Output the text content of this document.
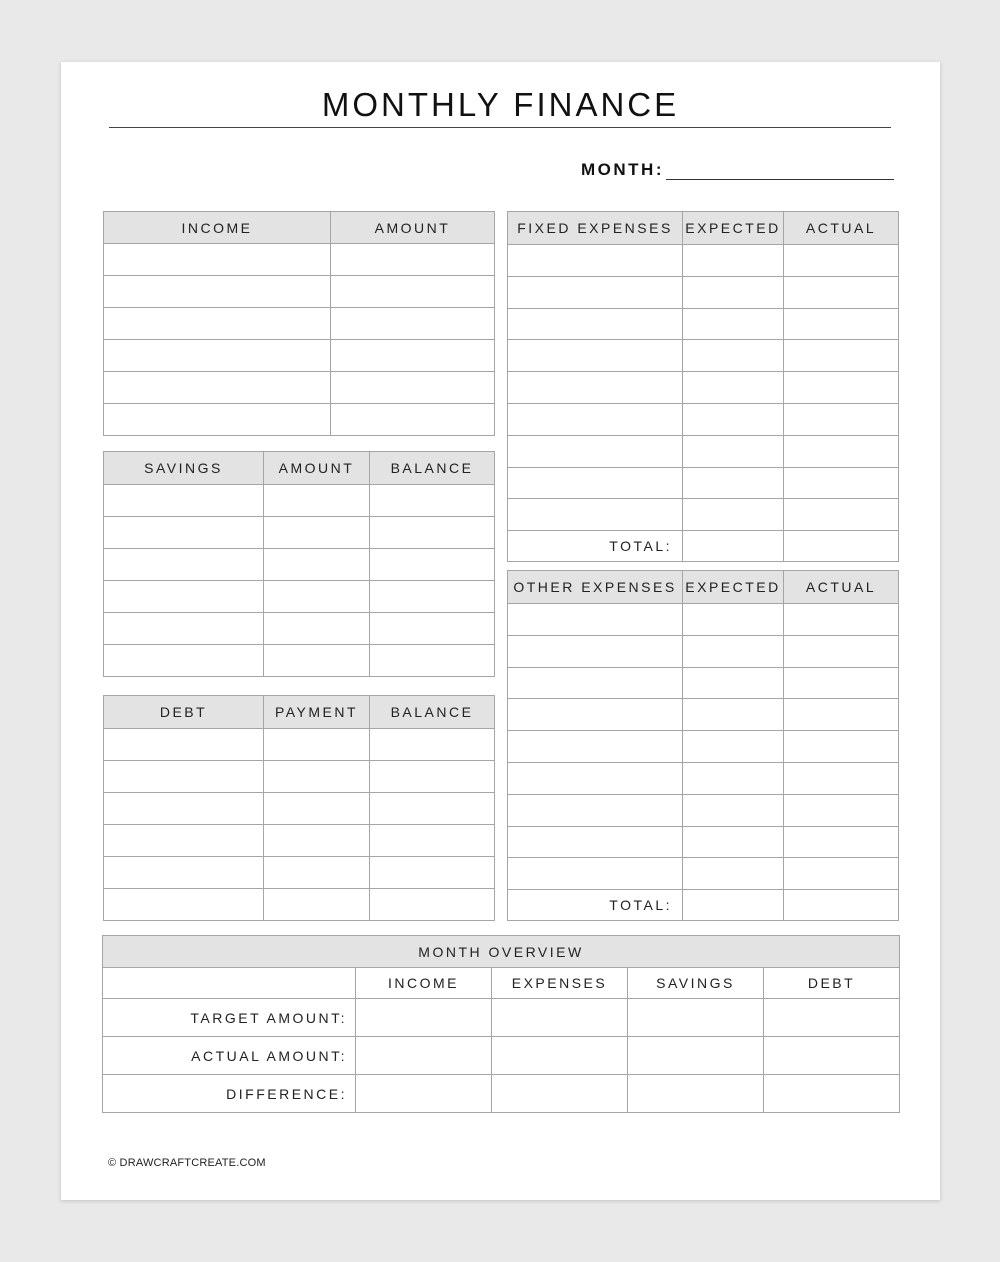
MONTHLY FINANCE
MONTH:
INCOME	AMOUNT

SAVINGS	AMOUNT	BALANCE

DEBT	PAYMENT	BALANCE

FIXED EXPENSES	EXPECTED	ACTUAL

TOTAL:		
OTHER EXPENSES	EXPECTED	ACTUAL

TOTAL:		
MONTH OVERVIEW				
	INCOME	EXPENSES	SAVINGS	DEBT
TARGET AMOUNT:				
ACTUAL AMOUNT:				
DIFFERENCE:				
© DRAWCRAFTCREATE.COM
